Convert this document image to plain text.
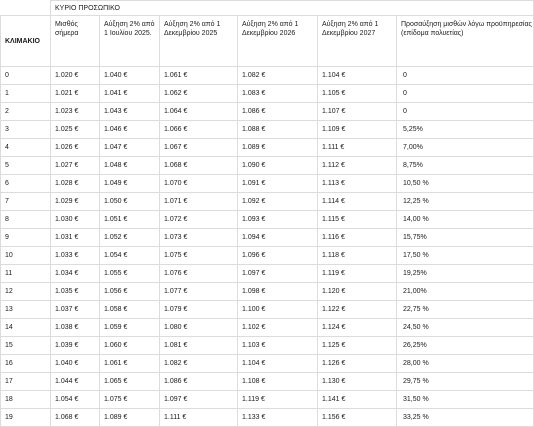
	ΚΥΡΙΟ ΠΡΟΣΩΠΙΚΟ					
ΚΛΙΜΑΚΙΟ	Μισθός σήμερα	Αύξηση 2% από 1 Ιουλίου 2025.	Αύξηση 2% από 1 Δεκεμβρίου 2025	Αύξηση 2% από 1 Δεκεμβρίου 2026	Αύξηση 2% από 1 Δεκεμβρίου 2027	Προσαύξηση μισθών λόγω προϋπηρεσίας (επίδομα πολυετίας)
0	1.020 €	1.040 €	1.061 €	1.082 €	1.104 €	0
1	1.021 €	1.041 €	1.062 €	1.083 €	1.105 €	0
2	1.023 €	1.043 €	1.064 €	1.086 €	1.107 €	0
3	1.025 €	1.046 €	1.066 €	1.088 €	1.109 €	5,25%
4	1.026 €	1.047 €	1.067 €	1.089 €	1.111 €	7,00%
5	1.027 €	1.048 €	1.068 €	1.090 €	1.112 €	8,75%
6	1.028 €	1.049 €	1.070 €	1.091 €	1.113 €	10,50 %
7	1.029 €	1.050 €	1.071 €	1.092 €	1.114 €	12,25 %
8	1.030 €	1.051 €	1.072 €	1.093 €	1.115 €	14,00 %
9	1.031 €	1.052 €	1.073 €	1.094 €	1.116 €	15,75%
10	1.033 €	1.054 €	1.075 €	1.096 €	1.118 €	17,50 %
11	1.034 €	1.055 €	1.076 €	1.097 €	1.119 €	19,25%
12	1.035 €	1.056 €	1.077 €	1.098 €	1.120 €	21,00%
13	1.037 €	1.058 €	1.079 €	1.100 €	1.122 €	22,75 %
14	1.038 €	1.059 €	1.080 €	1.102 €	1.124 €	24,50 %
15	1.039 €	1.060 €	1.081 €	1.103 €	1.125 €	26,25%
16	1.040 €	1.061 €	1.082 €	1.104 €	1.126 €	28,00 %
17	1.044 €	1.065 €	1.086 €	1.108 €	1.130 €	29,75 %
18	1.054 €	1.075 €	1.097 €	1.119 €	1.141 €	31,50 %
19	1.068 €	1.089 €	1.111 €	1.133 €	1.156 €	33,25 %
